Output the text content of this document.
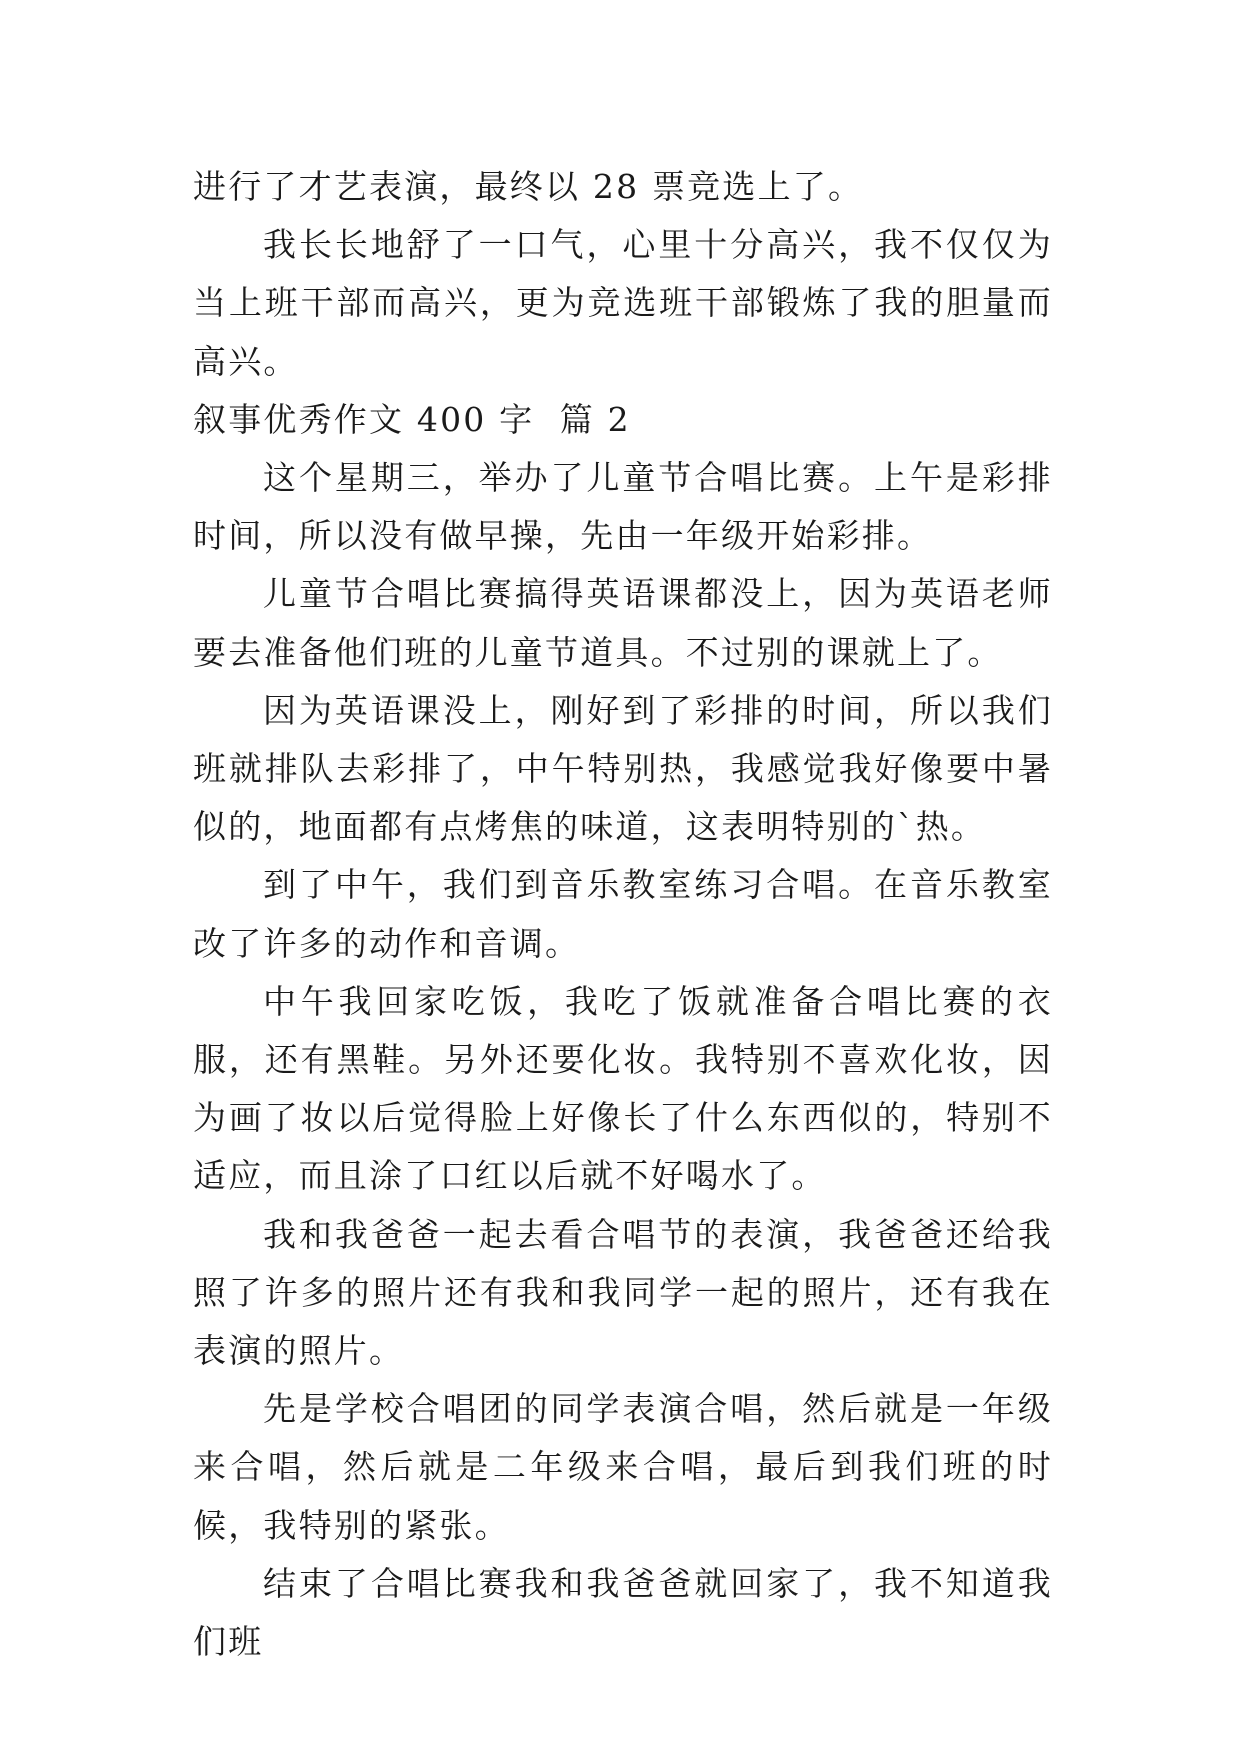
进行了才艺表演，最终以 28 票竞选上了。

我长长地舒了一口气，心里十分高兴，我不仅仅为当上班干部而高兴，更为竞选班干部锻炼了我的胆量而高兴。

叙事优秀作文 400 字  篇 2

这个星期三，举办了儿童节合唱比赛。上午是彩排时间，所以没有做早操，先由一年级开始彩排。

儿童节合唱比赛搞得英语课都没上，因为英语老师要去准备他们班的儿童节道具。不过别的课就上了。

因为英语课没上，刚好到了彩排的时间，所以我们班就排队去彩排了，中午特别热，我感觉我好像要中暑似的，地面都有点烤焦的味道，这表明特别的`热。

到了中午，我们到音乐教室练习合唱。在音乐教室改了许多的动作和音调。

中午我回家吃饭，我吃了饭就准备合唱比赛的衣服，还有黑鞋。另外还要化妆。我特别不喜欢化妆，因为画了妆以后觉得脸上好像长了什么东西似的，特别不适应，而且涂了口红以后就不好喝水了。

我和我爸爸一起去看合唱节的表演，我爸爸还给我照了许多的照片还有我和我同学一起的照片，还有我在表演的照片。

先是学校合唱团的同学表演合唱，然后就是一年级来合唱，然后就是二年级来合唱，最后到我们班的时候，我特别的紧张。

结束了合唱比赛我和我爸爸就回家了，我不知道我们班
